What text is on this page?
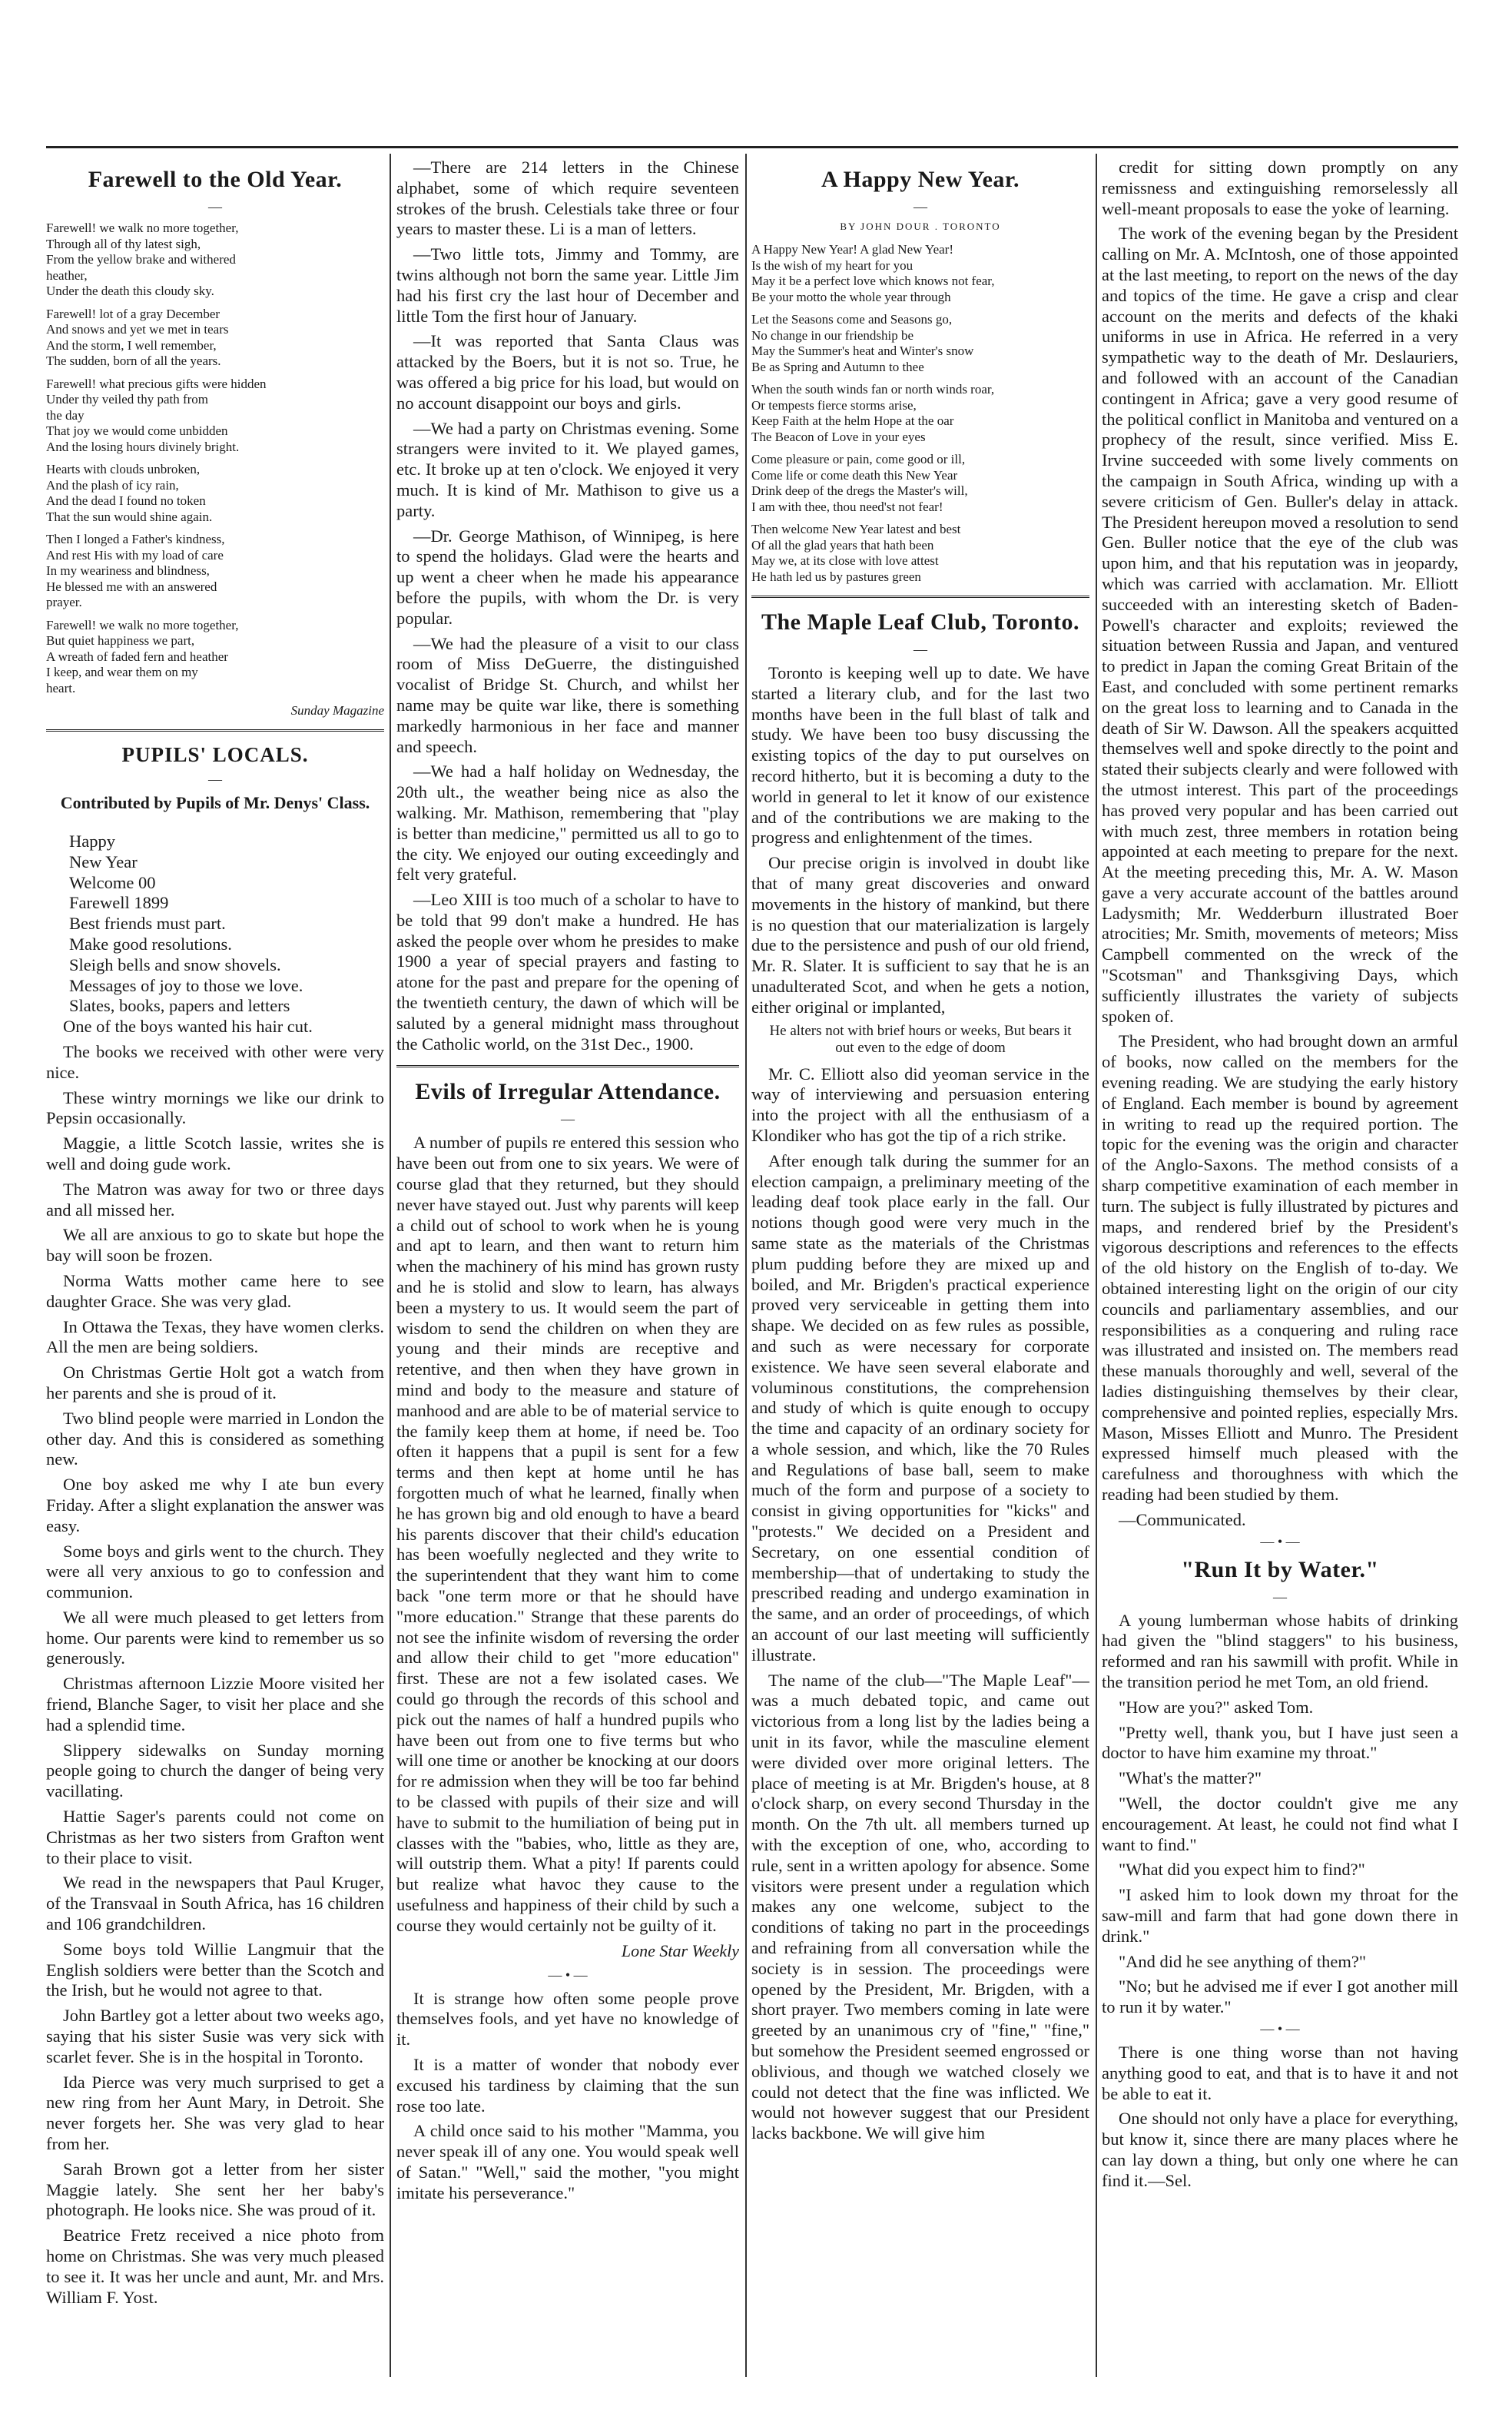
Farewell to the Old Year.
—
Farewell! we walk no more together,
Through all of thy latest sigh,
From the yellow brake and withered
heather,
Under the death this cloudy sky.
Farewell! lot of a gray December
And snows and yet we met in tears
And the storm, I well remember,
The sudden, born of all the years.
Farewell! what precious gifts were hidden
Under thy veiled thy path from
the day
That joy we would come unbidden
And the losing hours divinely bright.
Hearts with clouds unbroken,
And the plash of icy rain,
And the dead I found no token
That the sun would shine again.
Then I longed a Father's kindness,
And rest His with my load of care
In my weariness and blindness,
He blessed me with an answered
prayer.
Farewell! we walk no more together,
But quiet happiness we part,
A wreath of faded fern and heather
I keep, and wear them on my
heart.
Sunday Magazine
PUPILS' LOCALS.
—
Contributed by Pupils of Mr. Denys' Class.

Happy

New Year

Welcome 00

Farewell 1899

Best friends must part.

Make good resolutions.

Sleigh bells and snow shovels.

Messages of joy to those we love.

Slates, books, papers and letters

One of the boys wanted his hair cut.

The books we received with other were very nice.

These wintry mornings we like our drink to Pepsin occasionally.

Maggie, a little Scotch lassie, writes she is well and doing gude work.

The Matron was away for two or three days and all missed her.

We all are anxious to go to skate but hope the bay will soon be frozen.

Norma Watts mother came here to see daughter Grace. She was very glad.

In Ottawa the Texas, they have women clerks. All the men are being soldiers.

On Christmas Gertie Holt got a watch from her parents and she is proud of it.

Two blind people were married in London the other day. And this is considered as something new.

One boy asked me why I ate bun every Friday. After a slight explanation the answer was easy.

Some boys and girls went to the church. They were all very anxious to go to confession and communion.

We all were much pleased to get letters from home. Our parents were kind to remember us so generously.

Christmas afternoon Lizzie Moore visited her friend, Blanche Sager, to visit her place and she had a splendid time.

Slippery sidewalks on Sunday morning people going to church the danger of being very vacillating.

Hattie Sager's parents could not come on Christmas as her two sisters from Grafton went to their place to visit.

We read in the newspapers that Paul Kruger, of the Transvaal in South Africa, has 16 children and 106 grandchildren.

Some boys told Willie Langmuir that the English soldiers were better than the Scotch and the Irish, but he would not agree to that.

John Bartley got a letter about two weeks ago, saying that his sister Susie was very sick with scarlet fever. She is in the hospital in Toronto.

Ida Pierce was very much surprised to get a new ring from her Aunt Mary, in Detroit. She never forgets her. She was very glad to hear from her.

Sarah Brown got a letter from her sister Maggie lately. She sent her her baby's photograph. He looks nice. She was proud of it.

Beatrice Fretz received a nice photo from home on Christmas. She was very much pleased to see it. It was her uncle and aunt, Mr. and Mrs. William F. Yost.

—There are 214 letters in the Chinese alphabet, some of which require seventeen strokes of the brush. Celestials take three or four years to master these. Li is a man of letters.

—Two little tots, Jimmy and Tommy, are twins although not born the same year. Little Jim had his first cry the last hour of December and little Tom the first hour of January.

—It was reported that Santa Claus was attacked by the Boers, but it is not so. True, he was offered a big price for his load, but would on no account disappoint our boys and girls.

—We had a party on Christmas evening. Some strangers were invited to it. We played games, etc. It broke up at ten o'clock. We enjoyed it very much. It is kind of Mr. Mathison to give us a party.

—Dr. George Mathison, of Winnipeg, is here to spend the holidays. Glad were the hearts and up went a cheer when he made his appearance before the pupils, with whom the Dr. is very popular.

—We had the pleasure of a visit to our class room of Miss DeGuerre, the distinguished vocalist of Bridge St. Church, and whilst her name may be quite war like, there is something markedly harmonious in her face and manner and speech.

—We had a half holiday on Wednesday, the 20th ult., the weather being nice as also the walking. Mr. Mathison, remembering that "play is better than medicine," permitted us all to go to the city. We enjoyed our outing exceedingly and felt very grateful.

—Leo XIII is too much of a scholar to have to be told that 99 don't make a hundred. He has asked the people over whom he presides to make 1900 a year of special prayers and fasting to atone for the past and prepare for the opening of the twentieth century, the dawn of which will be saluted by a general midnight mass throughout the Catholic world, on the 31st Dec., 1900.

Evils of Irregular Attendance.
—

A number of pupils re entered this session who have been out from one to six years. We were of course glad that they returned, but they should never have stayed out. Just why parents will keep a child out of school to work when he is young and apt to learn, and then want to return him when the machinery of his mind has grown rusty and he is stolid and slow to learn, has always been a mystery to us. It would seem the part of wisdom to send the children on when they are young and their minds are receptive and retentive, and then when they have grown in mind and body to the measure and stature of manhood and are able to be of material service to the family keep them at home, if need be. Too often it happens that a pupil is sent for a few terms and then kept at home until he has forgotten much of what he learned, finally when he has grown big and old enough to have a beard his parents discover that their child's education has been woefully neglected and they write to the superintendent that they want him to come back "one term more or that he should have "more education." Strange that these parents do not see the infinite wisdom of reversing the order and allow their child to get "more education" first. These are not a few isolated cases. We could go through the records of this school and pick out the names of half a hundred pupils who have been out from one to five terms but who will one time or another be knocking at our doors for re admission when they will be too far behind to be classed with pupils of their size and will have to submit to the humiliation of being put in classes with the "babies, who, little as they are, will outstrip them. What a pity! If parents could but realize what havoc they cause to the usefulness and happiness of their child by such a course they would certainly not be guilty of it.

Lone Star Weekly
— • —

It is strange how often some people prove themselves fools, and yet have no knowledge of it.

It is a matter of wonder that nobody ever excused his tardiness by claiming that the sun rose too late.

A child once said to his mother "Mamma, you never speak ill of any one. You would speak well of Satan." "Well," said the mother, "you might imitate his perseverance."

A Happy New Year.
—
BY JOHN DOUR . TORONTO
A Happy New Year! A glad New Year!
Is the wish of my heart for you
May it be a perfect love which knows not fear,
Be your motto the whole year through
Let the Seasons come and Seasons go,
No change in our friendship be
May the Summer's heat and Winter's snow
Be as Spring and Autumn to thee
When the south winds fan or north winds roar,
Or tempests fierce storms arise,
Keep Faith at the helm Hope at the oar
The Beacon of Love in your eyes
Come pleasure or pain, come good or ill,
Come life or come death this New Year
Drink deep of the dregs the Master's will,
I am with thee, thou need'st not fear!
Then welcome New Year latest and best
Of all the glad years that hath been
May we, at its close with love attest
He hath led us by pastures green
The Maple Leaf Club, Toronto.
—

Toronto is keeping well up to date. We have started a literary club, and for the last two months have been in the full blast of talk and study. We have been too busy discussing the existing topics of the day to put ourselves on record hitherto, but it is becoming a duty to the world in general to let it know of our existence and of the contributions we are making to the progress and enlightenment of the times.

Our precise origin is involved in doubt like that of many great discoveries and onward movements in the history of mankind, but there is no question that our materialization is largely due to the persistence and push of our old friend, Mr. R. Slater. It is sufficient to say that he is an unadulterated Scot, and when he gets a notion, either original or implanted,

He alters not with brief hours or weeks, But bears it out even to the edge of doom

Mr. C. Elliott also did yeoman service in the way of interviewing and persuasion entering into the project with all the enthusiasm of a Klondiker who has got the tip of a rich strike.

After enough talk during the summer for an election campaign, a preliminary meeting of the leading deaf took place early in the fall. Our notions though good were very much in the same state as the materials of the Christmas plum pudding before they are mixed up and boiled, and Mr. Brigden's practical experience proved very serviceable in getting them into shape. We decided on as few rules as possible, and such as were necessary for corporate existence. We have seen several elaborate and voluminous constitutions, the comprehension and study of which is quite enough to occupy the time and capacity of an ordinary society for a whole session, and which, like the 70 Rules and Regulations of base ball, seem to make much of the form and purpose of a society to consist in giving opportunities for "kicks" and "protests." We decided on a President and Secretary, on one essential condition of membership—that of undertaking to study the prescribed reading and undergo examination in the same, and an order of proceedings, of which an account of our last meeting will sufficiently illustrate.

The name of the club—"The Maple Leaf"—was a much debated topic, and came out victorious from a long list by the ladies being a unit in its favor, while the masculine element were divided over more original letters. The place of meeting is at Mr. Brigden's house, at 8 o'clock sharp, on every second Thursday in the month. On the 7th ult. all members turned up with the exception of one, who, according to rule, sent in a written apology for absence. Some visitors were present under a regulation which makes any one welcome, subject to the conditions of taking no part in the proceedings and refraining from all conversation while the society is in session. The proceedings were opened by the President, Mr. Brigden, with a short prayer. Two members coming in late were greeted by an unanimous cry of "fine," "fine," but somehow the President seemed engrossed or oblivious, and though we watched closely we could not detect that the fine was inflicted. We would not however suggest that our President lacks backbone. We will give him

credit for sitting down promptly on any remissness and extinguishing remorselessly all well-meant proposals to ease the yoke of learning.

The work of the evening began by the President calling on Mr. A. McIntosh, one of those appointed at the last meeting, to report on the news of the day and topics of the time. He gave a crisp and clear account on the merits and defects of the khaki uniforms in use in Africa. He referred in a very sympathetic way to the death of Mr. Deslauriers, and followed with an account of the Canadian contingent in Africa; gave a very good resume of the political conflict in Manitoba and ventured on a prophecy of the result, since verified. Miss E. Irvine succeeded with some lively comments on the campaign in South Africa, winding up with a severe criticism of Gen. Buller's delay in attack. The President hereupon moved a resolution to send Gen. Buller notice that the eye of the club was upon him, and that his reputation was in jeopardy, which was carried with acclamation. Mr. Elliott succeeded with an interesting sketch of Baden-Powell's character and exploits; reviewed the situation between Russia and Japan, and ventured to predict in Japan the coming Great Britain of the East, and concluded with some pertinent remarks on the great loss to learning and to Canada in the death of Sir W. Dawson. All the speakers acquitted themselves well and spoke directly to the point and stated their subjects clearly and were followed with the utmost interest. This part of the proceedings has proved very popular and has been carried out with much zest, three members in rotation being appointed at each meeting to prepare for the next. At the meeting preceding this, Mr. A. W. Mason gave a very accurate account of the battles around Ladysmith; Mr. Wedderburn illustrated Boer atrocities; Mr. Smith, movements of meteors; Miss Campbell commented on the wreck of the "Scotsman" and Thanksgiving Days, which sufficiently illustrates the variety of subjects spoken of.

The President, who had brought down an armful of books, now called on the members for the evening reading. We are studying the early history of England. Each member is bound by agreement in writing to read up the required portion. The topic for the evening was the origin and character of the Anglo-Saxons. The method consists of a sharp competitive examination of each member in turn. The subject is fully illustrated by pictures and maps, and rendered brief by the President's vigorous descriptions and references to the effects of the old history on the English of to-day. We obtained interesting light on the origin of our city councils and parliamentary assemblies, and our responsibilities as a conquering and ruling race was illustrated and insisted on. The members read these manuals thoroughly and well, several of the ladies distinguishing themselves by their clear, comprehensive and pointed replies, especially Mrs. Mason, Misses Elliott and Munro. The President expressed himself much pleased with the carefulness and thoroughness with which the reading had been studied by them.

—Communicated.

— • —
"Run It by Water."
—

A young lumberman whose habits of drinking had given the "blind staggers" to his business, reformed and ran his sawmill with profit. While in the transition period he met Tom, an old friend.

"How are you?" asked Tom.

"Pretty well, thank you, but I have just seen a doctor to have him examine my throat."

"What's the matter?"

"Well, the doctor couldn't give me any encouragement. At least, he could not find what I want to find."

"What did you expect him to find?"

"I asked him to look down my throat for the saw-mill and farm that had gone down there in drink."

"And did he see anything of them?"

"No; but he advised me if ever I got another mill to run it by water."

— • —

There is one thing worse than not having anything good to eat, and that is to have it and not be able to eat it.

One should not only have a place for everything, but know it, since there are many places where he can lay down a thing, but only one where he can find it.—Sel.
